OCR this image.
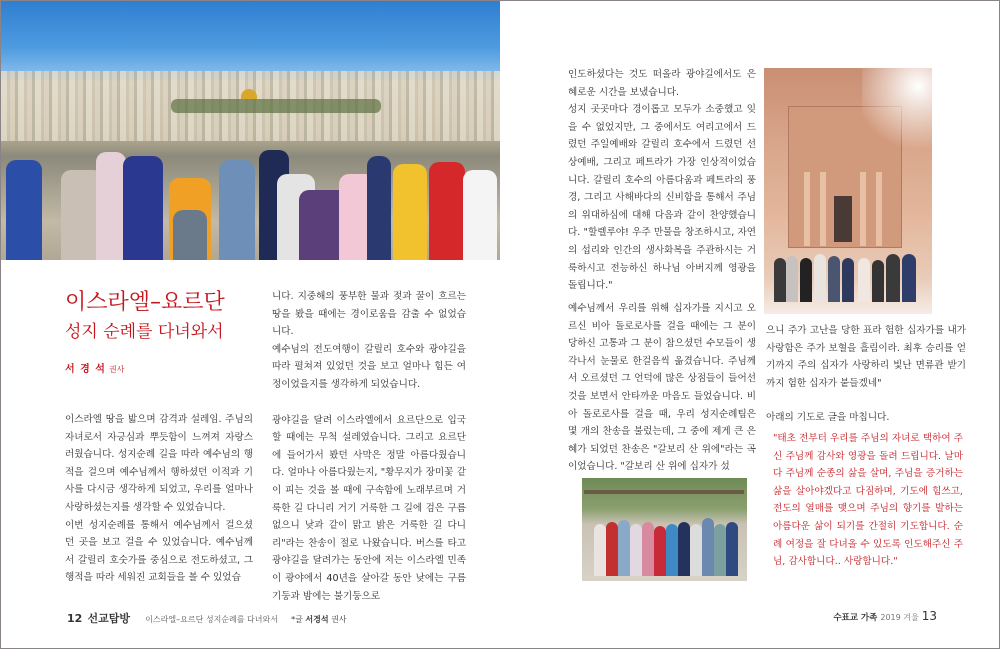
이스라엘–요르단
성지 순례를 다녀와서
서 경 석 권사

이스라엘 땅을 밟으며 감격과 설레임. 주님의 자녀로서 자긍심과 뿌듯함이 느껴져 자랑스러웠습니다. 성지순례 길을 따라 예수님의 행적을 걸으며 예수님께서 행하셨던 이적과 기사를 다시금 생각하게 되었고, 우리를 얼마나 사랑하셨는지를 생각할 수 있었습니다.

이번 성지순례를 통해서 예수님께서 걸으셨던 곳을 보고 걸을 수 있었습니다. 예수님께서 갈릴리 호숫가를 중심으로 전도하셨고, 그 행적을 따라 세워진 교회들을 볼 수 있었습

니다. 지중해의 풍부한 물과 젖과 꿀이 흐르는 땅을 봤을 때에는 경이로움을 감출 수 없었습니다.

예수님의 전도여행이 갈릴리 호수와 광야길을 따라 펼쳐져 있었던 것을 보고 얼마나 힘든 여정이었을지를 생각하게 되었습니다.

광야길을 달려 이스라엘에서 요르단으로 입국할 때에는 무척 설레였습니다. 그리고 요르단에 들어가서 봤던 사막은 정말 아름다웠습니다. 얼마나 아름다웠는지, "황무지가 장미꽃 같이 피는 것을 볼 때에 구속함에 노래부르며 거룩한 길 다니리 거기 거룩한 그 길에 검은 구름 없으니 낮과 같이 맑고 밝은 거룩한 길 다니리"라는 찬송이 절로 나왔습니다. 버스를 타고 광야길을 달려가는 동안에 저는 이스라엘 민족이 광야에서 40년을 살아갈 동안 낮에는 구름 기둥과 밤에는 불기둥으로

인도하셨다는 것도 떠올라 광야길에서도 은혜로운 시간을 보냈습니다.

성지 곳곳마다 경이롭고 모두가 소중했고 잊을 수 없었지만, 그 중에서도 여리고에서 드렸던 주일예배와 갈릴리 호수에서 드렸던 선상예배, 그리고 페트라가 가장 인상적이었습니다. 갈릴리 호수의 아름다움과 페트라의 풍경, 그리고 사해바다의 신비함을 통해서 주님의 위대하심에 대해 다음과 같이 찬양했습니다. "할렐루야! 우주 만물을 창조하시고, 자연의 섭리와 인간의 생사화복을 주관하시는 거룩하시고 전능하신 하나님 아버지께 영광을 돌립니다."

예수님께서 우리를 위해 십자가를 지시고 오르신 비아 돌로로사를 걸을 때에는 그 분이 당하신 고통과 그 분이 참으셨던 수모들이 생각나서 눈물로 한걸음씩 옮겼습니다. 주님께서 오르셨던 그 언덕에 많은 상점들이 들어선 것을 보면서 안타까운 마음도 들었습니다. 비아 돌로로사를 걸을 때, 우리 성지순례팀은 몇 개의 찬송을 불렀는데, 그 중에 제게 큰 은혜가 되었던 찬송은 "갈보리 산 위에"라는 곡이었습니다. "갈보리 산 위에 십자가 섰

으니 주가 고난을 당한 표라 험한 십자가를 내가 사랑함은 주가 보혈을 흘림이라. 최후 승리를 얻기까지 주의 십자가 사랑하리 빛난 면류관 받기까지 험한 십자가 붙들겠네"

아래의 기도로 글을 마칩니다.

"태초 전부터 우리를 주님의 자녀로 택하여 주신 주님께 감사와 영광을 돌려 드립니다. 날마다 주님께 순종의 삶을 살며, 주님을 증거하는 삶을 살아야겠다고 다짐하며, 기도에 힘쓰고, 전도의 열매를 맺으며 주님의 향기를 발하는 아름다운 삶이 되기를 간절히 기도합니다. 순례 여정을 잘 다녀올 수 있도록 인도해주신 주님, 감사합니다.. 사랑합니다."
12 선교탐방 이스라엘–요르단 성지순례를 다녀와서 *글 서경석 권사	수표교 가족 2019 겨울 13
